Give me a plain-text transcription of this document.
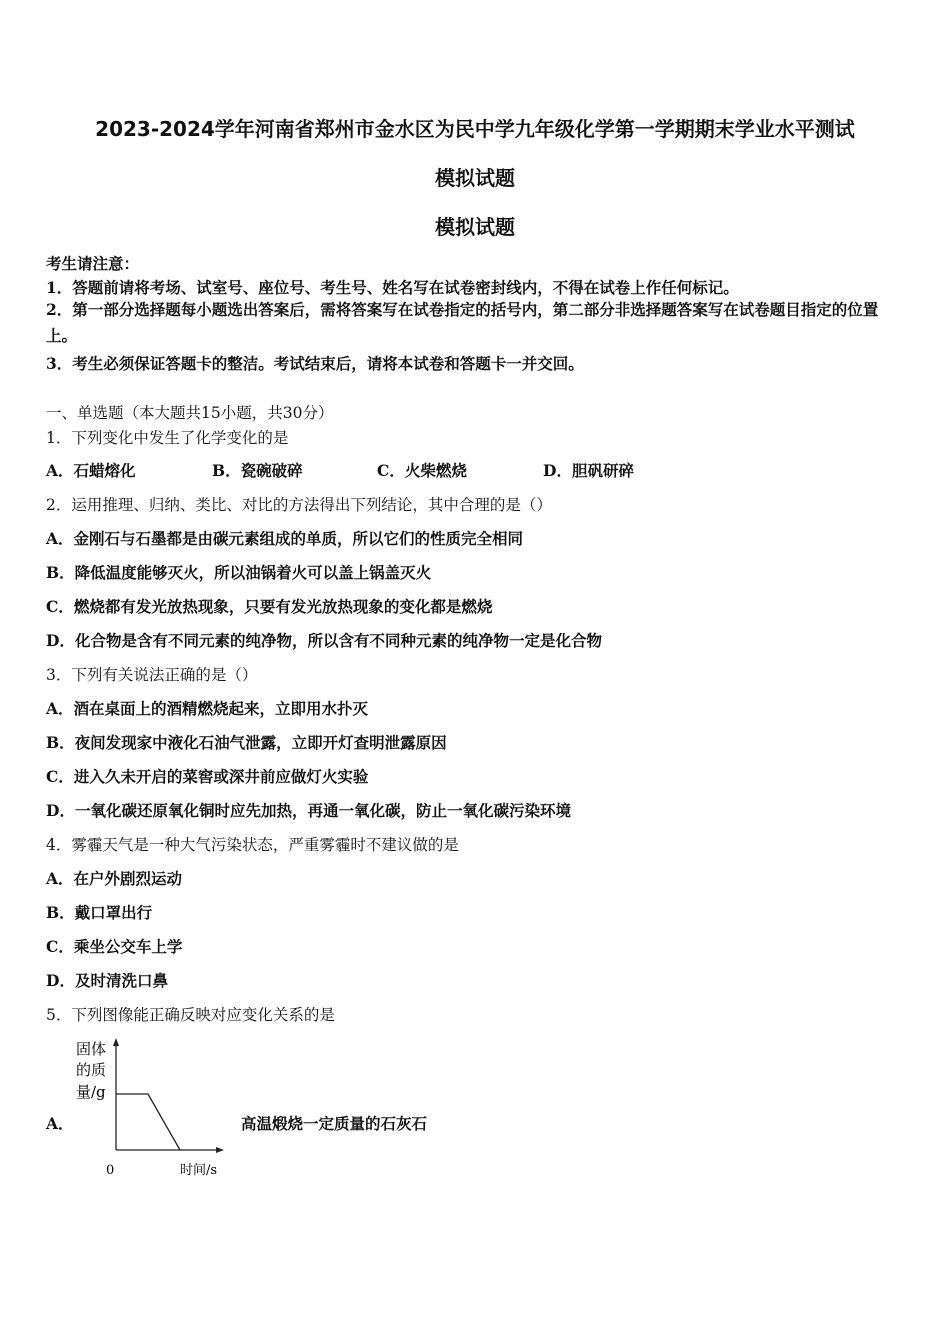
2023-2024学年河南省郑州市金水区为民中学九年级化学第一学期期末学业水平测试
模拟试题
模拟试题
考生请注意：
1．答题前请将考场、试室号、座位号、考生号、姓名写在试卷密封线内，不得在试卷上作任何标记。
2．第一部分选择题每小题选出答案后，需将答案写在试卷指定的括号内，第二部分非选择题答案写在试卷题目指定的位置上。
3．考生必须保证答题卡的整洁。考试结束后，请将本试卷和答题卡一并交回。
一、单选题（本大题共15小题，共30分）
1．下列变化中发生了化学变化的是
A．石蜡熔化	B．瓷碗破碎	C．火柴燃烧	D．胆矾研碎
2．运用推理、归纳、类比、对比的方法得出下列结论，其中合理的是（）
A．金刚石与石墨都是由碳元素组成的单质，所以它们的性质完全相同
B．降低温度能够灭火，所以油锅着火可以盖上锅盖灭火
C．燃烧都有发光放热现象，只要有发光放热现象的变化都是燃烧
D．化合物是含有不同元素的纯净物，所以含有不同种元素的纯净物一定是化合物
3．下列有关说法正确的是（）
A．酒在桌面上的酒精燃烧起来，立即用水扑灭
B．夜间发现家中液化石油气泄露，立即开灯查明泄露原因
C．进入久未开启的菜窖或深井前应做灯火实验
D．一氧化碳还原氧化铜时应先加热，再通一氧化碳，防止一氧化碳污染环境
4．雾霾天气是一种大气污染状态，严重雾霾时不建议做的是
A．在户外剧烈运动
B．戴口罩出行
C．乘坐公交车上学
D．及时清洗口鼻
5．下列图像能正确反映对应变化关系的是
A．
固体
的质
量/g
0	时间/s
高温煅烧一定质量的石灰石
